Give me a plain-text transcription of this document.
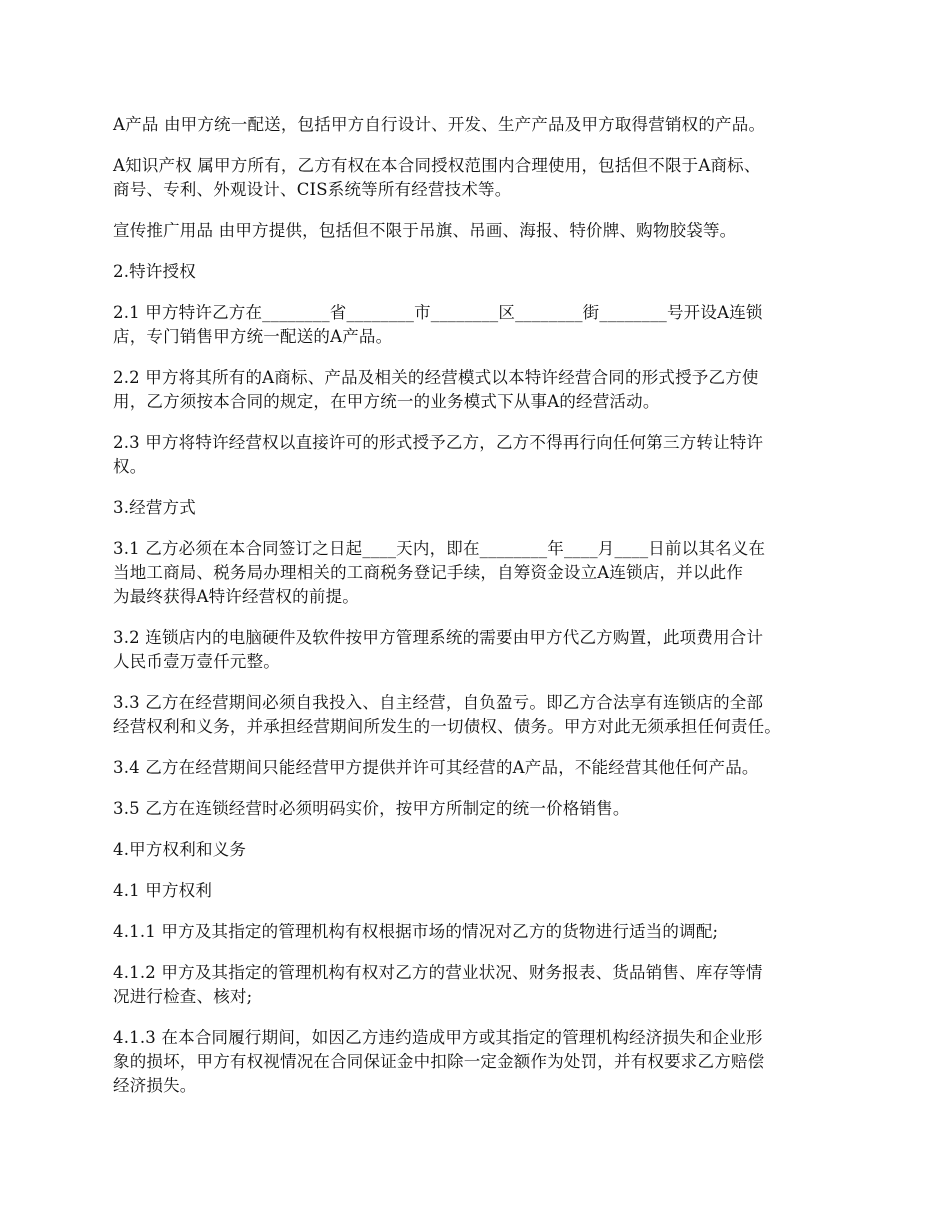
A产品 由甲方统一配送，包括甲方自行设计、开发、生产产品及甲方取得营销权的产品。

A知识产权 属甲方所有，乙方有权在本合同授权范围内合理使用，包括但不限于A商标、
商号、专利、外观设计、CIS系统等所有经营技术等。

宣传推广用品 由甲方提供，包括但不限于吊旗、吊画、海报、特价牌、购物胶袋等。

2.特许授权

2.1 甲方特许乙方在________省________市________区________街________号开设A连锁
店，专门销售甲方统一配送的A产品。

2.2 甲方将其所有的A商标、产品及相关的经营模式以本特许经营合同的形式授予乙方使
用，乙方须按本合同的规定，在甲方统一的业务模式下从事A的经营活动。

2.3 甲方将特许经营权以直接许可的形式授予乙方，乙方不得再行向任何第三方转让特许
权。

3.经营方式

3.1 乙方必须在本合同签订之日起____天内，即在________年____月____日前以其名义在
当地工商局、税务局办理相关的工商税务登记手续，自筹资金设立A连锁店，并以此作
为最终获得A特许经营权的前提。

3.2 连锁店内的电脑硬件及软件按甲方管理系统的需要由甲方代乙方购置，此项费用合计
人民币壹万壹仟元整。

3.3 乙方在经营期间必须自我投入、自主经营，自负盈亏。即乙方合法享有连锁店的全部
经营权利和义务，并承担经营期间所发生的一切债权、债务。甲方对此无须承担任何责任。

3.4 乙方在经营期间只能经营甲方提供并许可其经营的A产品，不能经营其他任何产品。

3.5 乙方在连锁经营时必须明码实价，按甲方所制定的统一价格销售。

4.甲方权利和义务

4.1 甲方权利

4.1.1 甲方及其指定的管理机构有权根据市场的情况对乙方的货物进行适当的调配;

4.1.2 甲方及其指定的管理机构有权对乙方的营业状况、财务报表、货品销售、库存等情
况进行检查、核对;

4.1.3 在本合同履行期间，如因乙方违约造成甲方或其指定的管理机构经济损失和企业形
象的损坏，甲方有权视情况在合同保证金中扣除一定金额作为处罚，并有权要求乙方赔偿
经济损失。
